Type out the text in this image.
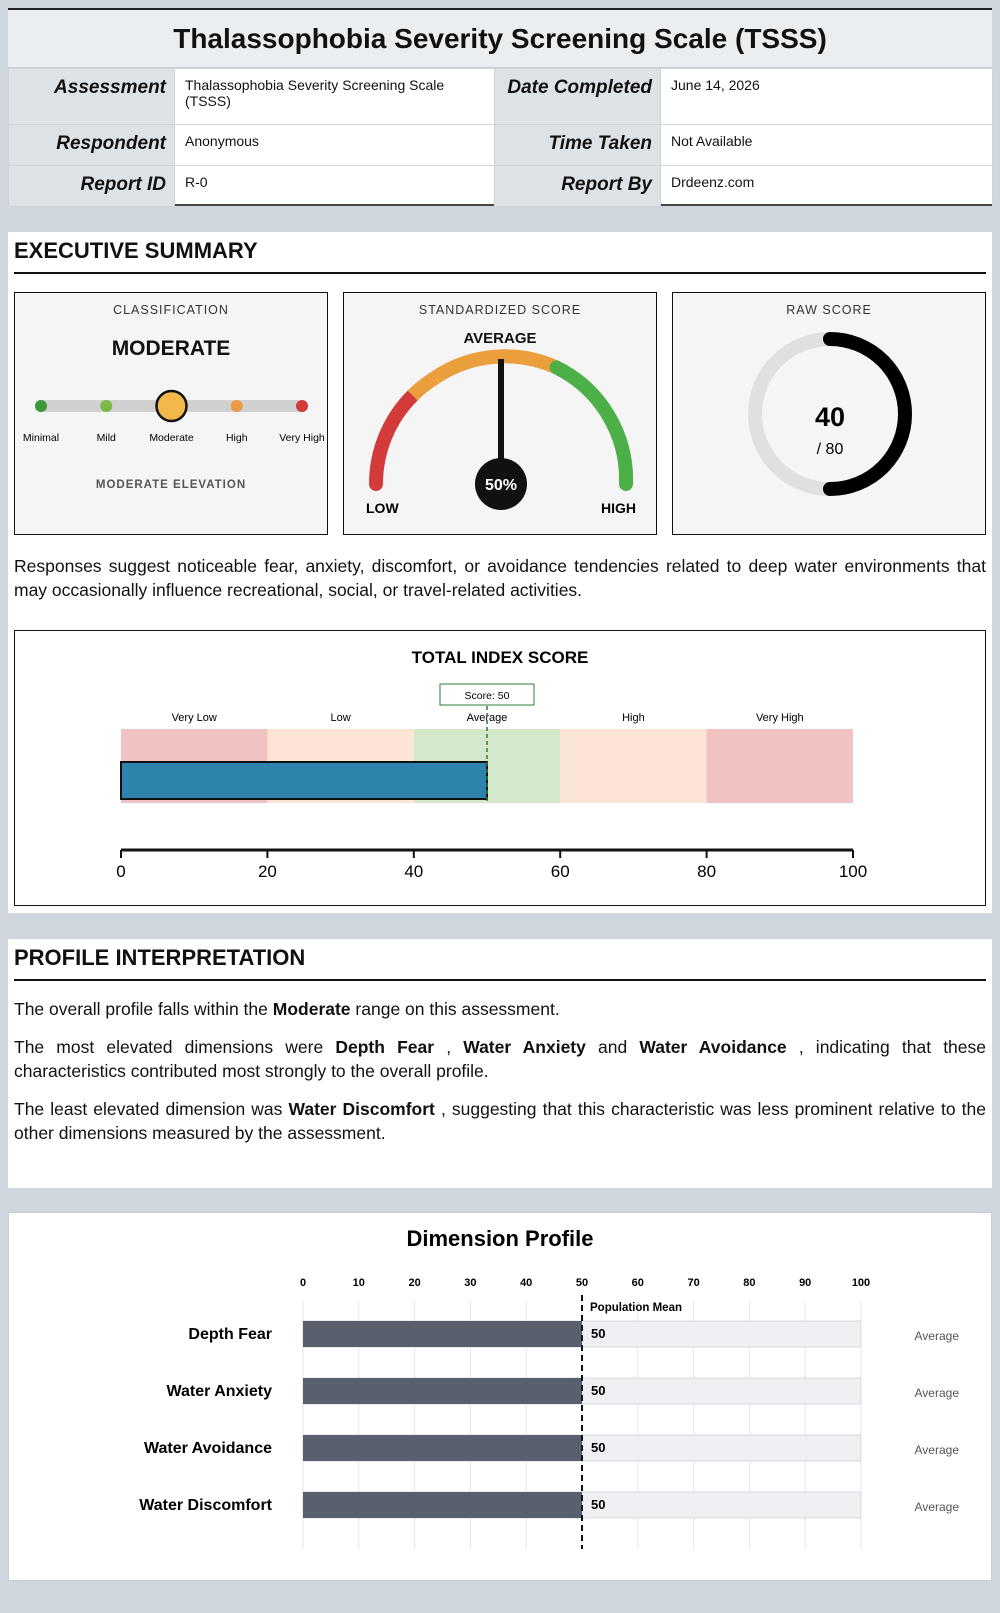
Thalassophobia Severity Screening Scale (TSSS)
Assessment	Thalassophobia Severity Screening Scale (TSSS)	Date Completed	June 14, 2026
Respondent	Anonymous	Time Taken	Not Available
Report ID	R-0	Report By	Drdeenz.com
EXECUTIVE SUMMARY
CLASSIFICATION
MODERATE
Minimal	Mild	Moderate	High	Very High
MODERATE ELEVATION
STANDARDIZED SCORE
AVERAGE
50%
LOW	HIGH
RAW SCORE
40
/ 80
Responses suggest noticeable fear, anxiety, discomfort, or avoidance tendencies related to deep water environments that may occasionally influence recreational, social, or travel-related activities.
TOTAL INDEX SCORE
Very Low	Low	Average	High	Very High
Score: 50
0	20	40	60	80	100
PROFILE INTERPRETATION

The overall profile falls within the Moderate range on this assessment.

The most elevated dimensions were Depth Fear , Water Anxiety and Water Avoidance , indicating that these characteristics contributed most strongly to the overall profile.

The least elevated dimension was Water Discomfort , suggesting that this characteristic was less prominent relative to the other dimensions measured by the assessment.

Dimension Profile
0	10	20	30	40	50	60	70	80	90	100
Depth Fear	50	Average
Water Anxiety	50	Average
Water Avoidance	50	Average
Water Discomfort	50	Average
Population Mean
